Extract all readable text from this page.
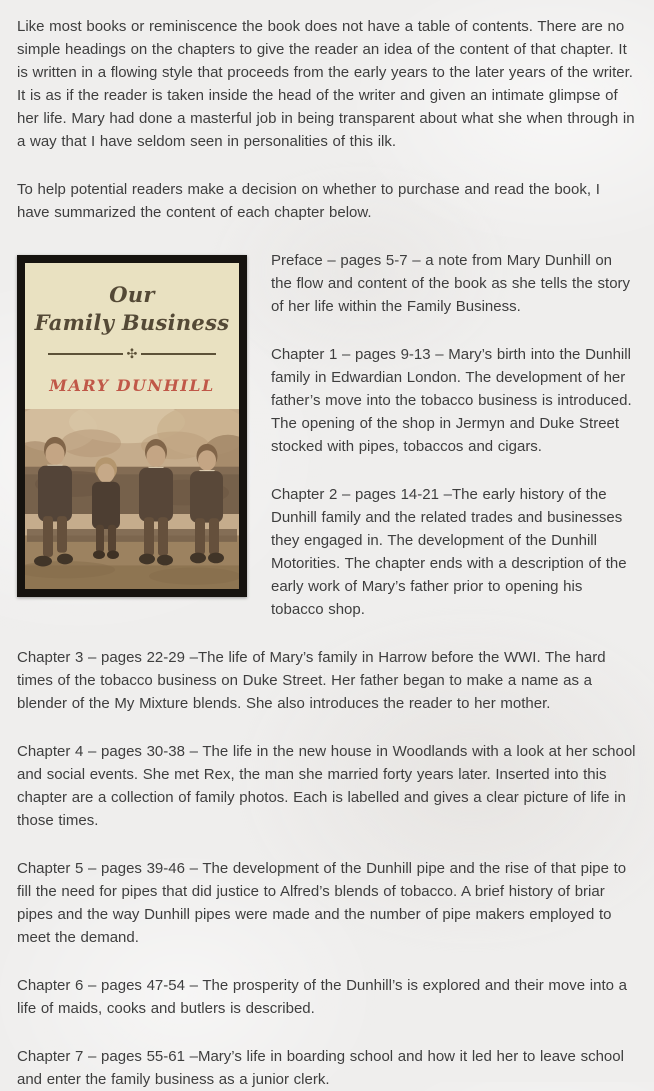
Like most books or reminiscence the book does not have a table of contents. There are no simple headings on the chapters to give the reader an idea of the content of that chapter. It is written in a flowing style that proceeds from the early years to the later years of the writer. It is as if the reader is taken inside the head of the writer and given an intimate glimpse of her life. Mary had done a masterful job in being transparent about what she when through in a way that I have seldom seen in personalities of this ilk.

To help potential readers make a decision on whether to purchase and read the book, I have summarized the content of each chapter below.

Our
Family Business
✣
MARY DUNHILL

Preface – pages 5-7 – a note from Mary Dunhill on the flow and content of the book as she tells the story of her life within the Family Business.

Chapter 1 – pages 9-13 – Mary’s birth into the Dunhill family in Edwardian London. The development of her father’s move into the tobacco business is introduced. The opening of the shop in Jermyn and Duke Street stocked with pipes, tobaccos and cigars.

Chapter 2 – pages 14-21 –The early history of the Dunhill family and the related trades and businesses they engaged in. The development of the Dunhill Motorities. The chapter ends with a description of the early work of Mary’s father prior to opening his tobacco shop.

Chapter 3 – pages 22-29 –The life of Mary’s family in Harrow before the WWI. The hard times of the tobacco business on Duke Street. Her father began to make a name as a blender of the My Mixture blends. She also introduces the reader to her mother.

Chapter 4 – pages 30-38 – The life in the new house in Woodlands with a look at her school and social events. She met Rex, the man she married forty years later. Inserted into this chapter are a collection of family photos. Each is labelled and gives a clear picture of life in those times.

Chapter 5 – pages 39-46 – The development of the Dunhill pipe and the rise of that pipe to fill the need for pipes that did justice to Alfred’s blends of tobacco. A brief history of briar pipes and the way Dunhill pipes were made and the number of pipe makers employed to meet the demand.

Chapter 6 – pages 47-54 – The prosperity of the Dunhill’s is explored and their move into a life of maids, cooks and butlers is described.

Chapter 7 – pages 55-61 –Mary’s life in boarding school and how it led her to leave school and enter the family business as a junior clerk.
